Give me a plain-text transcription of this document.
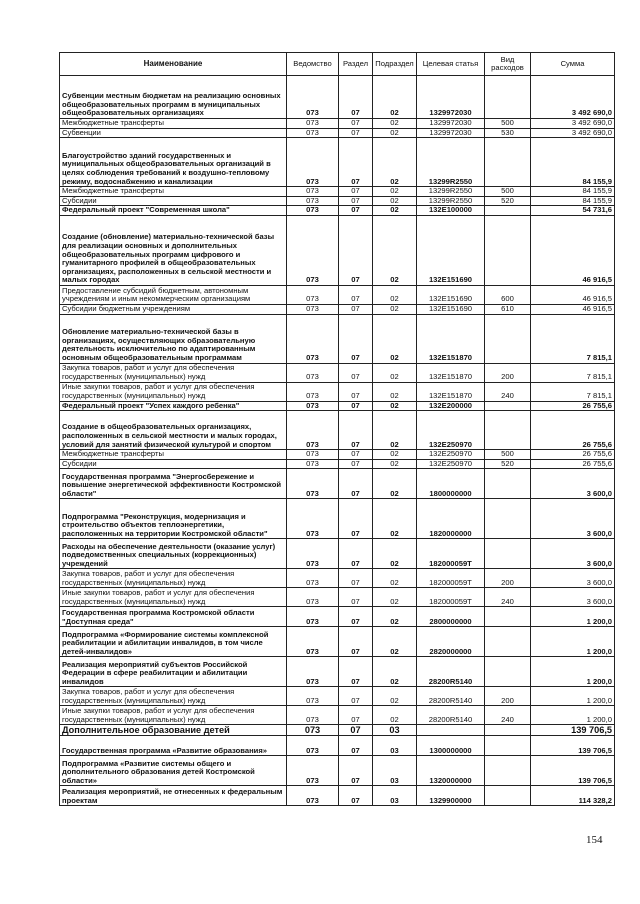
Наименование	Ведомство	Раздел	Подраздел	Целевая статья	Вид расходов	Сумма
Субвенции местным бюджетам на реализацию основных общеобразовательных программ в муниципальных общеобразовательных организациях	073	07	02	1329972030		3 492 690,0
Межбюджетные трансферты	073	07	02	1329972030	500	3 492 690,0
Субвенции	073	07	02	1329972030	530	3 492 690,0
Благоустройство зданий государственных и муниципальных общеобразовательных организаций в целях соблюдения требований к воздушно-тепловому режиму, водоснабжению и канализации	073	07	02	13299R2550		84 155,9
Межбюджетные трансферты	073	07	02	13299R2550	500	84 155,9
Субсидии	073	07	02	13299R2550	520	84 155,9
Федеральный проект "Современная школа"	073	07	02	132E100000		54 731,6
Создание (обновление) материально-технической базы для реализации основных и дополнительных общеобразовательных программ цифрового и гуманитарного профилей в общеобразовательных организациях, расположенных в сельской местности и малых городах	073	07	02	132E151690		46 916,5
Предоставление субсидий бюджетным, автономным учреждениям и иным некоммерческим организациям	073	07	02	132E151690	600	46 916,5
Субсидии бюджетным учреждениям	073	07	02	132E151690	610	46 916,5
Обновление материально-технической базы в организациях, осуществляющих образовательную деятельность исключительно по адаптированным основным общеобразовательным программам	073	07	02	132E151870		7 815,1
Закупка товаров, работ и услуг для обеспечения государственных (муниципальных) нужд	073	07	02	132E151870	200	7 815,1
Иные закупки товаров, работ и услуг для обеспечения государственных (муниципальных) нужд	073	07	02	132E151870	240	7 815,1
Федеральный проект "Успех каждого ребенка"	073	07	02	132E200000		26 755,6
Создание в общеобразовательных организациях, расположенных в сельской местности и малых городах, условий для занятий физической культурой и спортом	073	07	02	132E250970		26 755,6
Межбюджетные трансферты	073	07	02	132E250970	500	26 755,6
Субсидии	073	07	02	132E250970	520	26 755,6
Государственная программа "Энергосбережение и повышение энергетической эффективности Костромской области"	073	07	02	1800000000		3 600,0
Подпрограмма "Реконструкция, модернизация и строительство объектов теплоэнергетики, расположенных на территории Костромской области"	073	07	02	1820000000		3 600,0
Расходы на обеспечение деятельности (оказание услуг) подведомственных специальных (коррекционных) учреждений	073	07	02	182000059Т		3 600,0
Закупка товаров, работ и услуг для обеспечения государственных (муниципальных) нужд	073	07	02	182000059Т	200	3 600,0
Иные закупки товаров, работ и услуг для обеспечения государственных (муниципальных) нужд	073	07	02	182000059Т	240	3 600,0
Государственная программа Костромской области "Доступная среда"	073	07	02	2800000000		1 200,0
Подпрограмма «Формирование системы комплексной реабилитации и абилитации инвалидов, в том числе детей-инвалидов»	073	07	02	2820000000		1 200,0
Реализация мероприятий субъектов Российской Федерации в сфере реабилитации и абилитации инвалидов	073	07	02	28200R5140		1 200,0
Закупка товаров, работ и услуг для обеспечения государственных (муниципальных) нужд	073	07	02	28200R5140	200	1 200,0
Иные закупки товаров, работ и услуг для обеспечения государственных (муниципальных) нужд	073	07	02	28200R5140	240	1 200,0
Дополнительное образование детей	073	07	03			139 706,5
Государственная программа «Развитие образования»	073	07	03	1300000000		139 706,5
Подпрограмма «Развитие системы общего и дополнительного образования детей Костромской области»	073	07	03	1320000000		139 706,5
Реализация мероприятий, не отнесенных к федеральным проектам	073	07	03	1329900000		114 328,2
154
